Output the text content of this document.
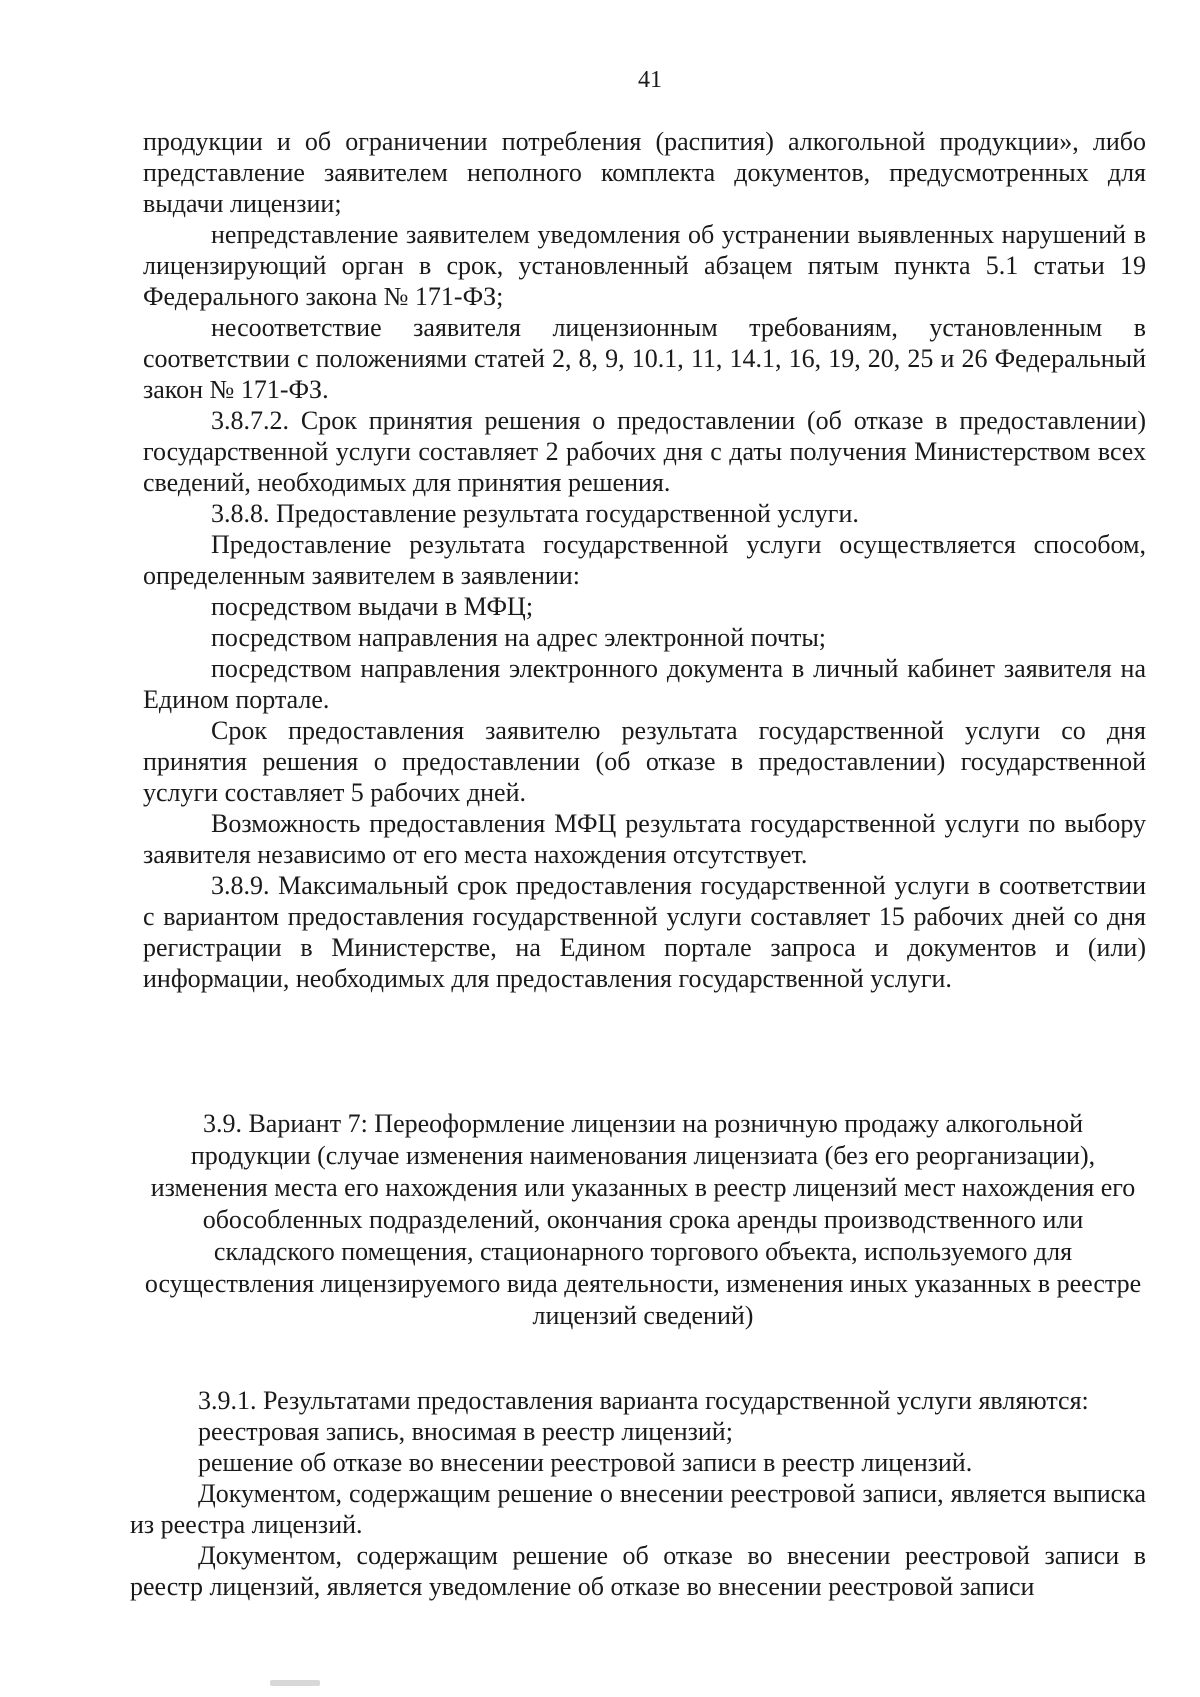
41

продукции и об ограничении потребления (распития) алкогольной продукции», либо представление заявителем неполного комплекта документов, предусмотренных для выдачи лицензии;

непредставление заявителем уведомления об устранении выявленных нарушений в лицензирующий орган в срок, установленный абзацем пятым пункта 5.1 статьи 19 Федерального закона № 171-ФЗ;

несоответствие заявителя лицензионным требованиям, установленным в соответствии с положениями статей 2, 8, 9, 10.1, 11, 14.1, 16, 19, 20, 25 и 26 Федеральный закон № 171-ФЗ.

3.8.7.2. Срок принятия решения о предоставлении (об отказе в предоставлении) государственной услуги составляет 2 рабочих дня с даты получения Министерством всех сведений, необходимых для принятия решения.

3.8.8. Предоставление результата государственной услуги.

Предоставление результата государственной услуги осуществляется способом, определенным заявителем в заявлении:

посредством выдачи в МФЦ;

посредством направления на адрес электронной почты;

посредством направления электронного документа в личный кабинет заявителя на Едином портале.

Срок предоставления заявителю результата государственной услуги со дня принятия решения о предоставлении (об отказе в предоставлении) государственной услуги составляет 5 рабочих дней.

Возможность предоставления МФЦ результата государственной услуги по выбору заявителя независимо от его места нахождения отсутствует.

3.8.9. Максимальный срок предоставления государственной услуги в соответствии с вариантом предоставления государственной услуги составляет 15 рабочих дней со дня регистрации в Министерстве, на Едином портале запроса и документов и (или) информации, необходимых для предоставления государственной услуги.

3.9. Вариант 7: Переоформление лицензии на розничную продажу алкогольной продукции (случае изменения наименования лицензиата (без его реорганизации), изменения места его нахождения или указанных в реестр лицензий мест нахождения его обособленных подразделений, окончания срока аренды производственного или складского помещения, стационарного торгового объекта, используемого для осуществления лицензируемого вида деятельности, изменения иных указанных в реестре лицензий сведений)

3.9.1. Результатами предоставления варианта государственной услуги являются:

реестровая запись, вносимая в реестр лицензий;

решение об отказе во внесении реестровой записи в реестр лицензий.

Документом, содержащим решение о внесении реестровой записи, является выписка из реестра лицензий.

Документом, содержащим решение об отказе во внесении реестровой записи в реестр лицензий, является уведомление об отказе во внесении реестровой записи
